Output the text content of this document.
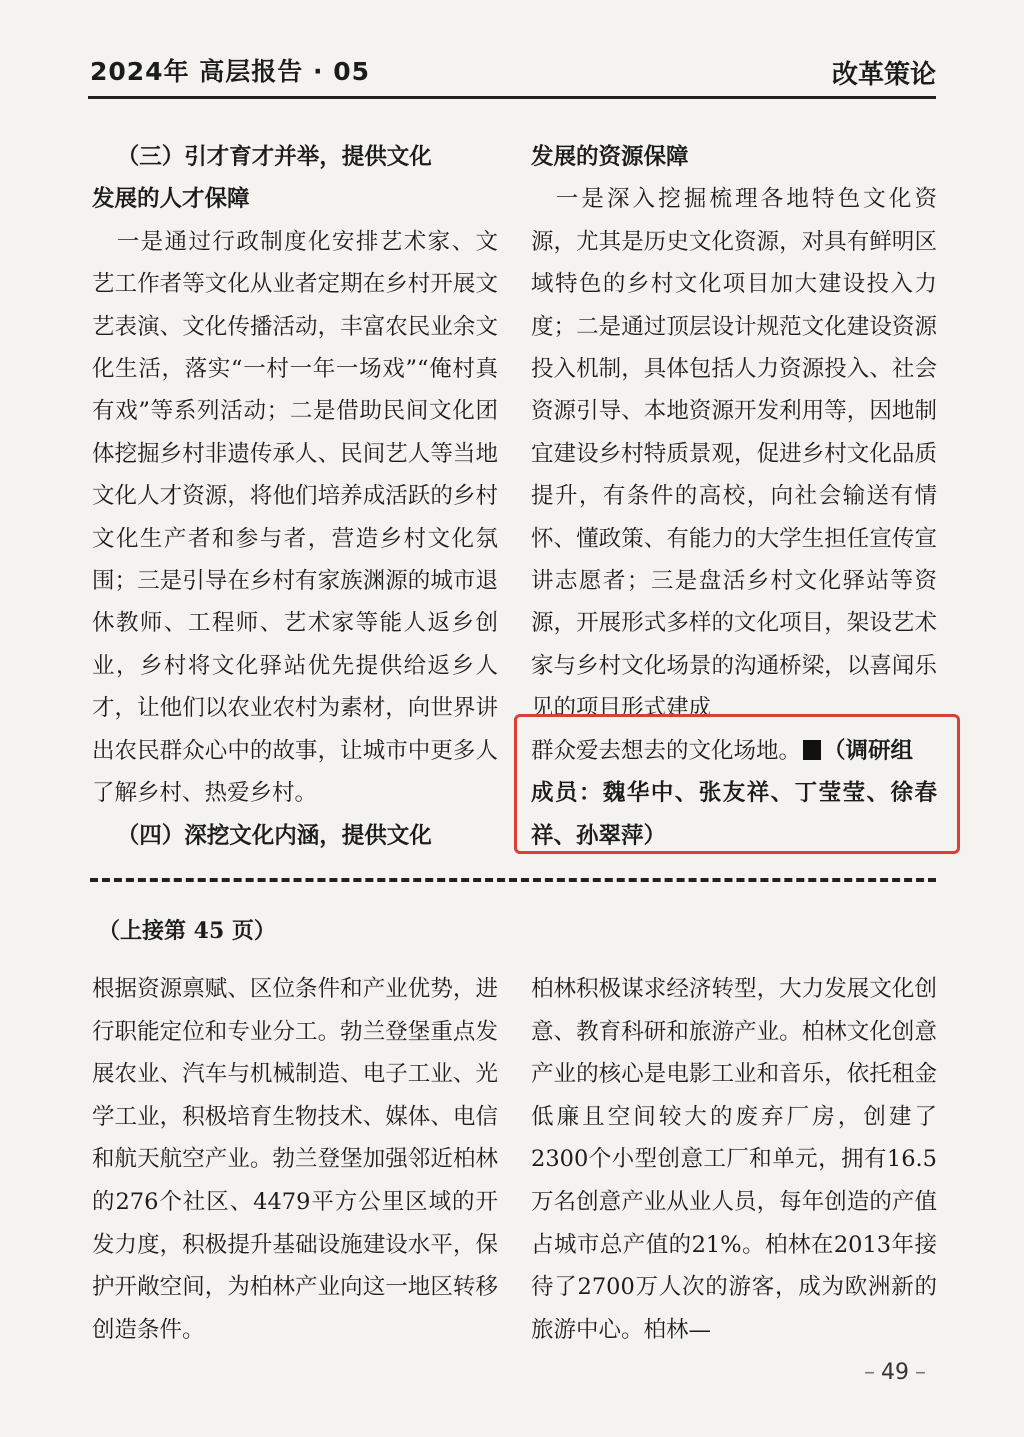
2024年 高层报告 · 05	改革策论

（三）引才育才并举，提供文化

发展的人才保障

一是通过行政制度化安排艺术家、文艺工作者等文化从业者定期在乡村开展文艺表演、文化传播活动，丰富农民业余文化生活，落实“一村一年一场戏”“俺村真有戏”等系列活动；二是借助民间文化团体挖掘乡村非遗传承人、民间艺人等当地文化人才资源，将他们培养成活跃的乡村文化生产者和参与者，营造乡村文化氛围；三是引导在乡村有家族渊源的城市退休教师、工程师、艺术家等能人返乡创业，乡村将文化驿站优先提供给返乡人才，让他们以农业农村为素材，向世界讲出农民群众心中的故事，让城市中更多人了解乡村、热爱乡村。

（四）深挖文化内涵，提供文化

发展的资源保障

一是深入挖掘梳理各地特色文化资源，尤其是历史文化资源，对具有鲜明区域特色的乡村文化项目加大建设投入力度；二是通过顶层设计规范文化建设资源投入机制，具体包括人力资源投入、社会资源引导、本地资源开发利用等，因地制宜建设乡村特质景观，促进乡村文化品质提升，有条件的高校，向社会输送有情怀、懂政策、有能力的大学生担任宣传宣讲志愿者；三是盘活乡村文化驿站等资源，开展形式多样的文化项目，架设艺术家与乡村文化场景的沟通桥梁，以喜闻乐见的项目形式建成

群众爱去想去的文化场地。 （调研组

成员：魏华中、张友祥、丁莹莹、徐春祥、孙翠萍）

（上接第 45 页）

根据资源禀赋、区位条件和产业优势，进行职能定位和专业分工。勃兰登堡重点发展农业、汽车与机械制造、电子工业、光学工业，积极培育生物技术、媒体、电信和航天航空产业。勃兰登堡加强邻近柏林的276个社区、4479平方公里区域的开发力度，积极提升基础设施建设水平，保护开敞空间，为柏林产业向这一地区转移创造条件。

柏林积极谋求经济转型，大力发展文化创意、教育科研和旅游产业。柏林文化创意产业的核心是电影工业和音乐，依托租金低廉且空间较大的废弃厂房，创建了2300个小型创意工厂和单元，拥有16.5万名创意产业从业人员，每年创造的产值占城市总产值的21%。柏林在2013年接待了2700万人次的游客，成为欧洲新的旅游中心。柏林—

– 49 –
